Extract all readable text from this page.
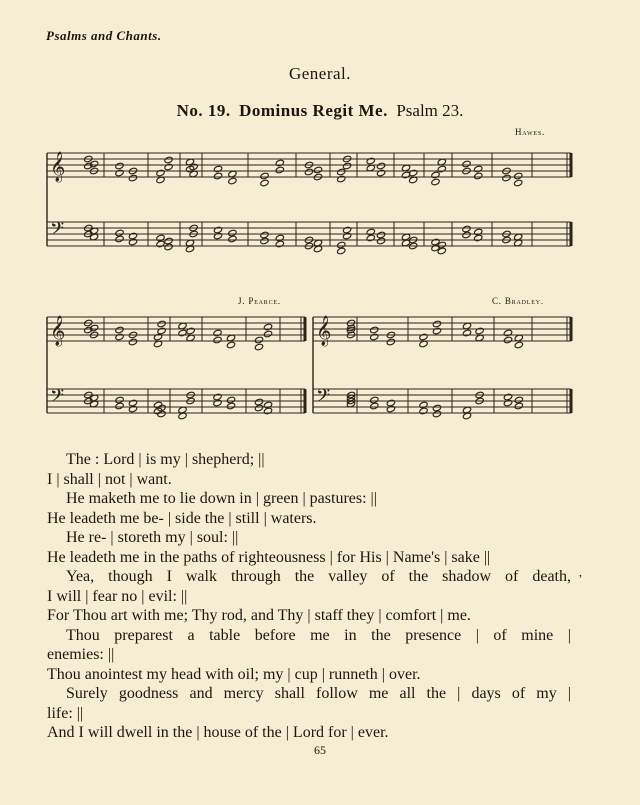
Psalms and Chants.
General.
No. 19. Dominus Regit Me. Psalm 23.
Hawes.
J. Pearce.	C. Bradley.
𝄞
𝄢
𝄞
𝄢
𝄞
𝄢
The : Lord | is my | shepherd; ||
I | shall | not | want.
He maketh me to lie down in | green | pastures: ||
He leadeth me be- | side the | still | waters.
He re- | storeth my | soul: ||
He leadeth me in the paths of righteousness | for His | Name's | sake ||
Yea, though I walk through the valley of the shadow of death,
I will | fear no | evil: ||
For Thou art with me; Thy rod, and Thy | staff they | comfort | me.
Thou preparest a table before me in the presence | of mine |
enemies: ||
Thou anointest my head with oil; my | cup | runneth | over.
Surely goodness and mercy shall follow me all the | days of my |
life: ||
And I will dwell in the | house of the | Lord for | ever.
,
65
